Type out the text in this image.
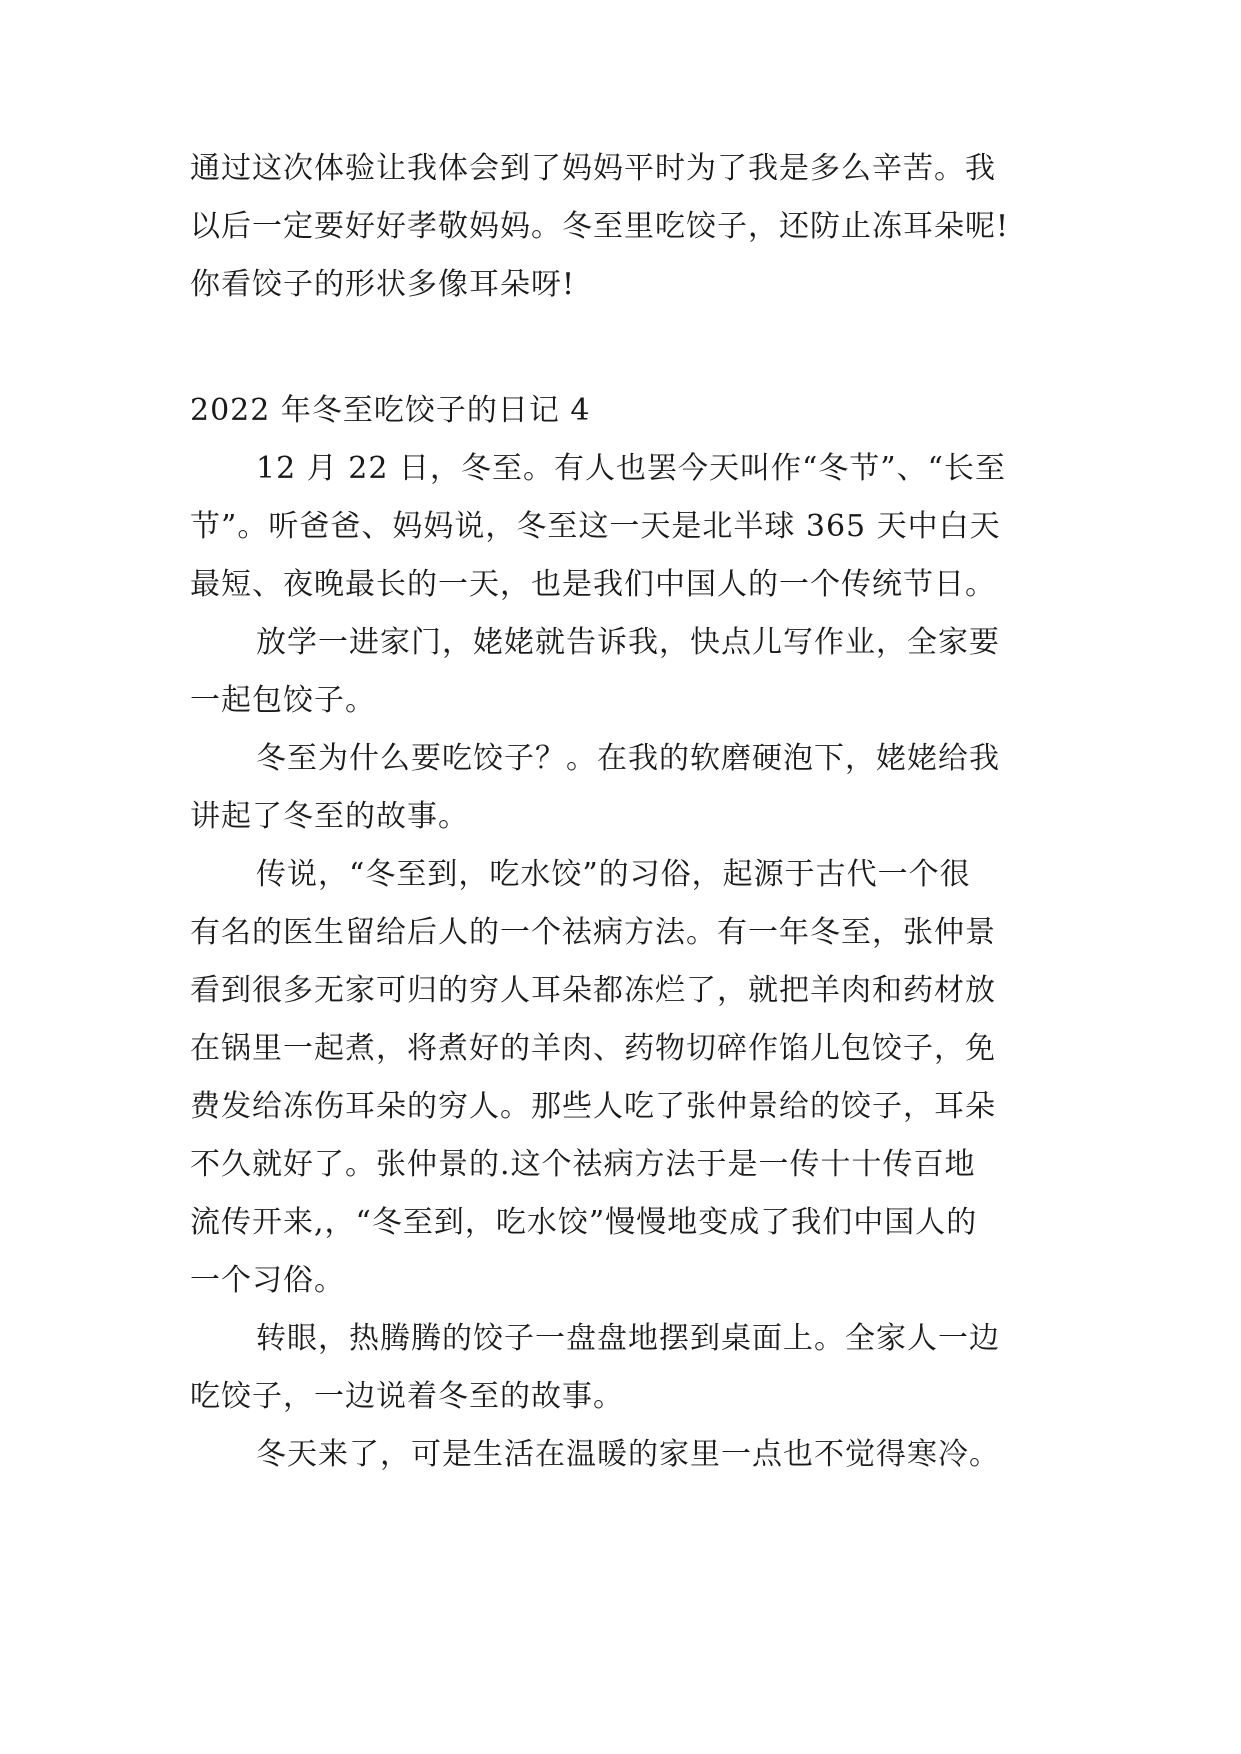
通过这次体验让我体会到了妈妈平时为了我是多么辛苦。我
以后一定要好好孝敬妈妈。冬至里吃饺子，还防止冻耳朵呢!
你看饺子的形状多像耳朵呀!
2022 年冬至吃饺子的日记 4
12 月 22 日，冬至。有人也罢今天叫作“冬节”、“长至
节”。听爸爸、妈妈说，冬至这一天是北半球 365 天中白天
最短、夜晚最长的一天，也是我们中国人的一个传统节日。
放学一进家门，姥姥就告诉我，快点儿写作业，全家要
一起包饺子。
冬至为什么要吃饺子？。在我的软磨硬泡下，姥姥给我
讲起了冬至的故事。
传说，“冬至到，吃水饺”的习俗，起源于古代一个很
有名的医生留给后人的一个祛病方法。有一年冬至，张仲景
看到很多无家可归的穷人耳朵都冻烂了，就把羊肉和药材放
在锅里一起煮，将煮好的羊肉、药物切碎作馅儿包饺子，免
费发给冻伤耳朵的穷人。那些人吃了张仲景给的饺子，耳朵
不久就好了。张仲景的.这个祛病方法于是一传十十传百地
流传开来,，“冬至到，吃水饺”慢慢地变成了我们中国人的
一个习俗。
转眼，热腾腾的饺子一盘盘地摆到桌面上。全家人一边
吃饺子，一边说着冬至的故事。
冬天来了，可是生活在温暖的家里一点也不觉得寒冷。
